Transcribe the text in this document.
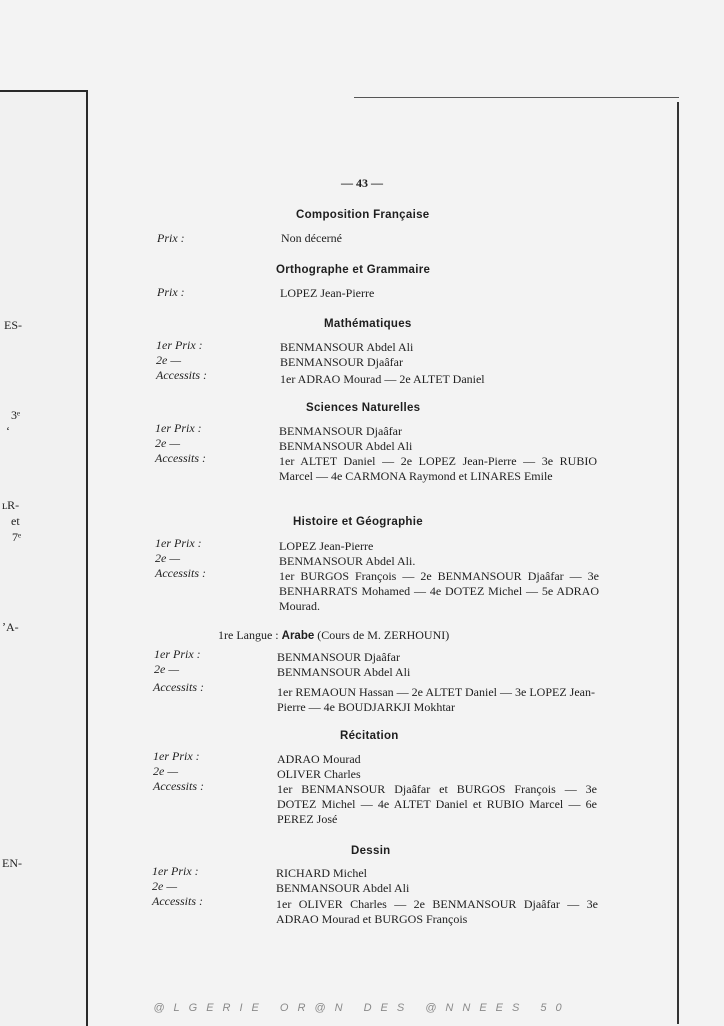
ES-
3ᵉ
ʻ
ʟR-
et
7ᵉ
ʼA-
EN-
— 43 —
Composition Française
Prix :	Non décerné
Orthographe et Grammaire
Prix :	LOPEZ Jean-Pierre
Mathématiques
1er Prix :	BENMANSOUR Abdel Ali
2e —	BENMANSOUR Djaâfar
Accessits :	1er ADRAO Mourad — 2e ALTET Daniel
Sciences Naturelles
1er Prix :	BENMANSOUR Djaâfar
2e —	BENMANSOUR Abdel Ali
Accessits :	1er ALTET Daniel — 2e LOPEZ Jean-Pierre — 3e RUBIO Marcel — 4e CARMONA Raymond et LINARES Emile
Histoire et Géographie
1er Prix :	LOPEZ Jean-Pierre
2e —	BENMANSOUR Abdel Ali.
Accessits :	1er BURGOS François — 2e BENMANSOUR Djaâfar — 3e BENHARRATS Mohamed — 4e DOTEZ Michel — 5e ADRAO Mourad.
1re Langue : Arabe (Cours de M. ZERHOUNI)
1er Prix :	BENMANSOUR Djaâfar
2e —	BENMANSOUR Abdel Ali
Accessits :	1er REMAOUN Hassan — 2e ALTET Daniel — 3e LOPEZ Jean-Pierre — 4e BOUDJARKJI Mokhtar
Récitation
1er Prix :	ADRAO Mourad
2e —	OLIVER Charles
Accessits :	1er BENMANSOUR Djaâfar et BURGOS François — 3e DOTEZ Michel — 4e ALTET Daniel et RUBIO Marcel — 6e PEREZ José
Dessin
1er Prix :	RICHARD Michel
2e —	BENMANSOUR Abdel Ali
Accessits :	1er OLIVER Charles — 2e BENMANSOUR Djaâfar — 3e ADRAO Mourad et BURGOS François
@LGERIE OR@N DES @NNEES 50
